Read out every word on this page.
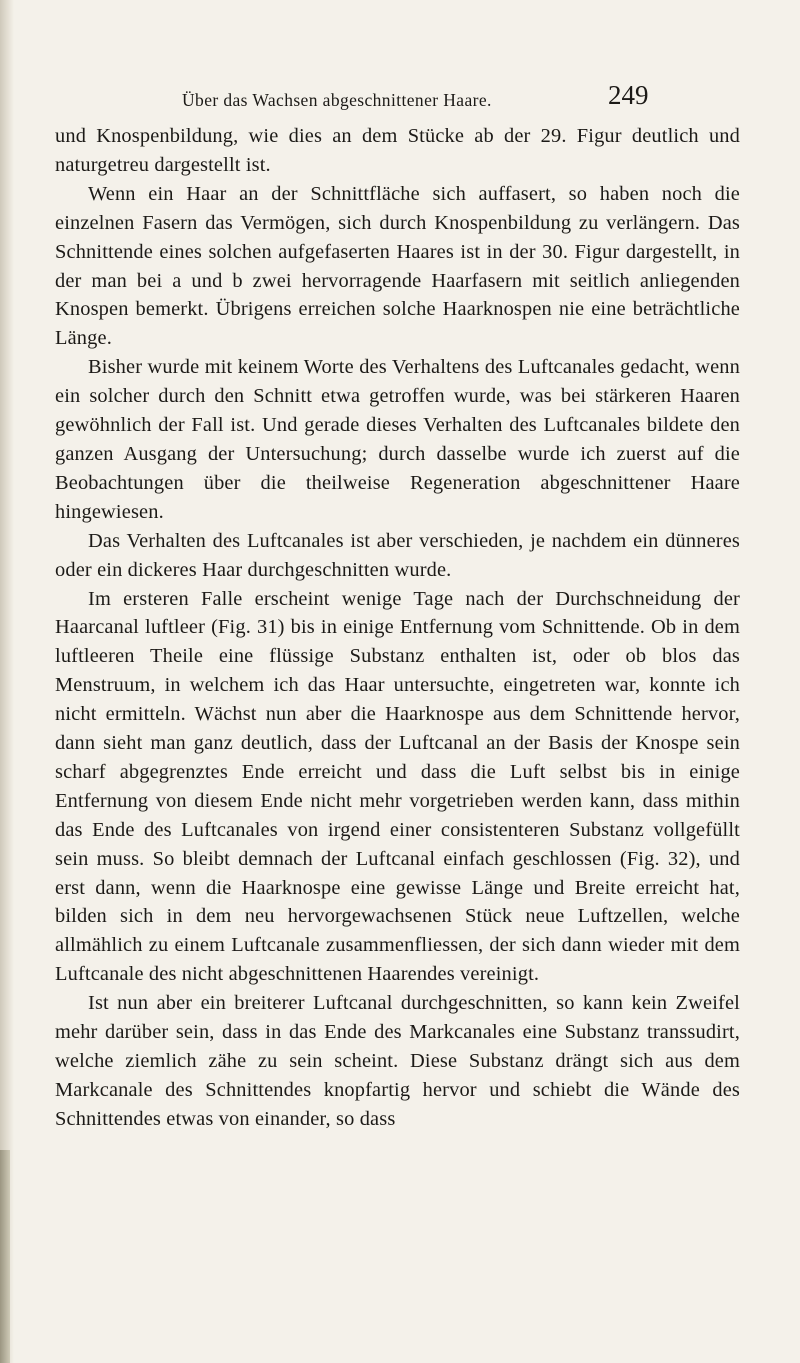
Über das Wachsen abgeschnittener Haare.	249

und Knospenbildung, wie dies an dem Stücke ab der 29. Figur deutlich und naturgetreu dargestellt ist.

Wenn ein Haar an der Schnittfläche sich auffasert, so haben noch die einzelnen Fasern das Vermögen, sich durch Knospenbildung zu verlängern. Das Schnittende eines solchen aufgefaserten Haares ist in der 30. Figur dargestellt, in der man bei a und b zwei hervorragende Haarfasern mit seitlich anliegenden Knospen bemerkt. Übrigens erreichen solche Haarknospen nie eine beträchtliche Länge.

Bisher wurde mit keinem Worte des Verhaltens des Luftcanales gedacht, wenn ein solcher durch den Schnitt etwa getroffen wurde, was bei stärkeren Haaren gewöhnlich der Fall ist. Und gerade dieses Verhalten des Luftcanales bildete den ganzen Ausgang der Untersuchung; durch dasselbe wurde ich zuerst auf die Beobachtungen über die theilweise Regeneration abgeschnittener Haare hingewiesen.

Das Verhalten des Luftcanales ist aber verschieden, je nachdem ein dünneres oder ein dickeres Haar durchgeschnitten wurde.

Im ersteren Falle erscheint wenige Tage nach der Durchschneidung der Haarcanal luftleer (Fig. 31) bis in einige Entfernung vom Schnittende. Ob in dem luftleeren Theile eine flüssige Substanz enthalten ist, oder ob blos das Menstruum, in welchem ich das Haar untersuchte, eingetreten war, konnte ich nicht ermitteln. Wächst nun aber die Haarknospe aus dem Schnittende hervor, dann sieht man ganz deutlich, dass der Luftcanal an der Basis der Knospe sein scharf abgegrenztes Ende erreicht und dass die Luft selbst bis in einige Entfernung von diesem Ende nicht mehr vorgetrieben werden kann, dass mithin das Ende des Luftcanales von irgend einer consistenteren Substanz vollgefüllt sein muss. So bleibt demnach der Luftcanal einfach geschlossen (Fig. 32), und erst dann, wenn die Haarknospe eine gewisse Länge und Breite erreicht hat, bilden sich in dem neu hervorgewachsenen Stück neue Luftzellen, welche allmählich zu einem Luftcanale zusammenfliessen, der sich dann wieder mit dem Luftcanale des nicht abgeschnittenen Haarendes vereinigt.

Ist nun aber ein breiterer Luftcanal durchgeschnitten, so kann kein Zweifel mehr darüber sein, dass in das Ende des Markcanales eine Substanz transsudirt, welche ziemlich zähe zu sein scheint. Diese Substanz drängt sich aus dem Markcanale des Schnittendes knopfartig hervor und schiebt die Wände des Schnittendes etwas von einander, so dass
